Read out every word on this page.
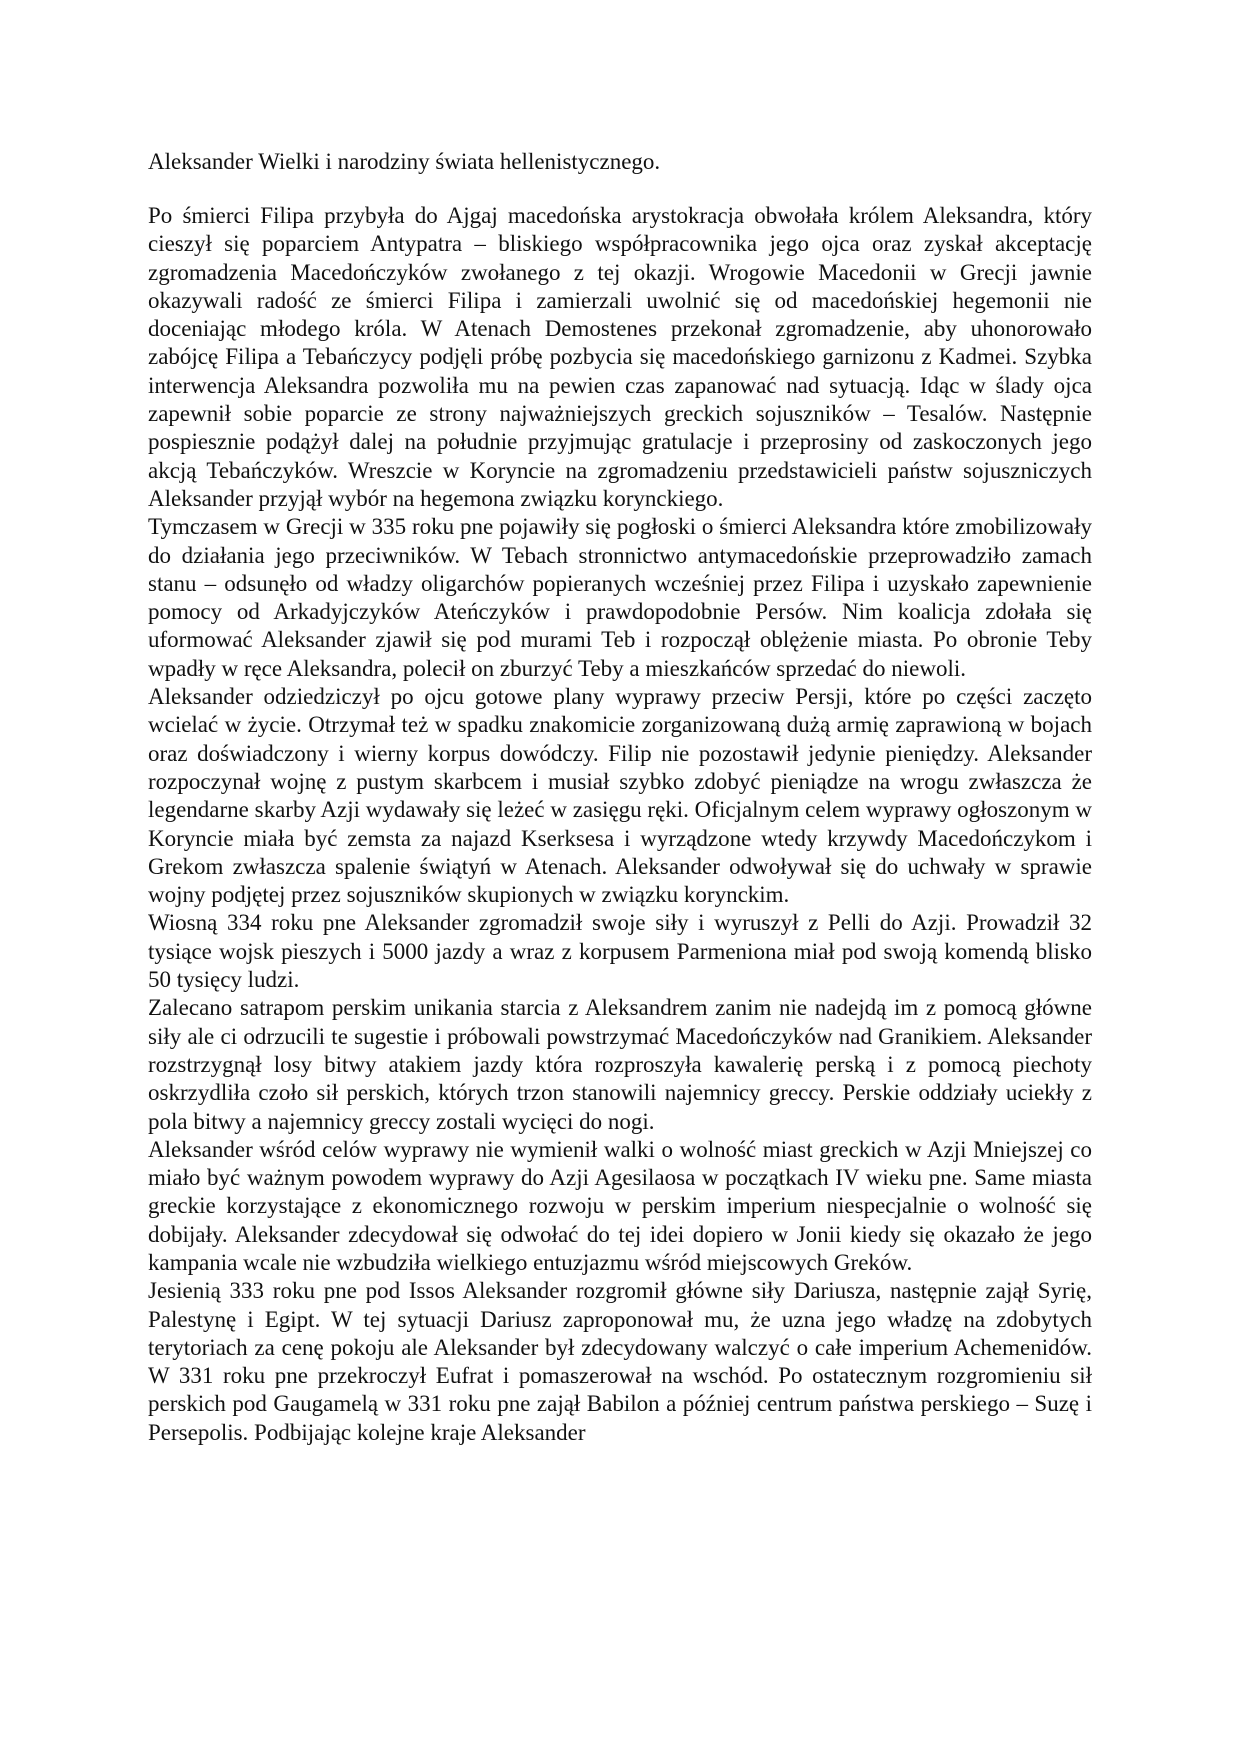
Aleksander Wielki i narodziny świata hellenistycznego.

Po śmierci Filipa przybyła do Ajgaj macedońska arystokracja obwołała królem Aleksandra, który cieszył się poparciem Antypatra – bliskiego współpracownika jego ojca oraz zyskał akceptację zgromadzenia Macedończyków zwołanego z tej okazji. Wrogowie Macedonii w Grecji jawnie okazywali radość ze śmierci Filipa i zamierzali uwolnić się od macedońskiej hegemonii nie doceniając młodego króla. W Atenach Demostenes przekonał zgromadzenie, aby uhonorowało zabójcę Filipa a Tebańczycy podjęli próbę pozbycia się macedońskiego garnizonu z Kadmei. Szybka interwencja Aleksandra pozwoliła mu na pewien czas zapanować nad sytuacją. Idąc w ślady ojca zapewnił sobie poparcie ze strony najważniejszych greckich sojuszników – Tesalów. Następnie pospiesznie podążył dalej na południe przyjmując gratulacje i przeprosiny od zaskoczonych jego akcją Tebańczyków. Wreszcie w Koryncie na zgromadzeniu przedstawicieli państw sojuszniczych Aleksander przyjął wybór na hegemona związku korynckiego.

Tymczasem w Grecji w 335 roku pne pojawiły się pogłoski o śmierci Aleksandra które zmobilizowały do działania jego przeciwników. W Tebach stronnictwo antymacedońskie przeprowadziło zamach stanu – odsunęło od władzy oligarchów popieranych wcześniej przez Filipa i uzyskało zapewnienie pomocy od Arkadyjczyków Ateńczyków i prawdopodobnie Persów. Nim koalicja zdołała się uformować Aleksander zjawił się pod murami Teb i rozpoczął oblężenie miasta. Po obronie Teby wpadły w ręce Aleksandra, polecił on zburzyć Teby a mieszkańców sprzedać do niewoli.

Aleksander odziedziczył po ojcu gotowe plany wyprawy przeciw Persji, które po części zaczęto wcielać w życie. Otrzymał też w spadku znakomicie zorganizowaną dużą armię zaprawioną w bojach oraz doświadczony i wierny korpus dowódczy. Filip nie pozostawił jedynie pieniędzy. Aleksander rozpoczynał wojnę z pustym skarbcem i musiał szybko zdobyć pieniądze na wrogu zwłaszcza że legendarne skarby Azji wydawały się leżeć w zasięgu ręki. Oficjalnym celem wyprawy ogłoszonym w Koryncie miała być zemsta za najazd Kserksesa i wyrządzone wtedy krzywdy Macedończykom i Grekom zwłaszcza spalenie świątyń w Atenach. Aleksander odwoływał się do uchwały w sprawie wojny podjętej przez sojuszników skupionych w związku korynckim.

Wiosną 334 roku pne Aleksander zgromadził swoje siły i wyruszył z Pelli do Azji. Prowadził 32 tysiące wojsk pieszych i 5000 jazdy a wraz z korpusem Parmeniona miał pod swoją komendą blisko 50 tysięcy ludzi.

Zalecano satrapom perskim unikania starcia z Aleksandrem zanim nie nadejdą im z pomocą główne siły ale ci odrzucili te sugestie i próbowali powstrzymać Macedończyków nad Granikiem. Aleksander rozstrzygnął losy bitwy atakiem jazdy która rozproszyła kawalerię perską i z pomocą piechoty oskrzydliła czoło sił perskich, których trzon stanowili najemnicy greccy. Perskie oddziały uciekły z pola bitwy a najemnicy greccy zostali wycięci do nogi.

Aleksander wśród celów wyprawy nie wymienił walki o wolność miast greckich w Azji Mniejszej co miało być ważnym powodem wyprawy do Azji Agesilaosa w początkach IV wieku pne. Same miasta greckie korzystające z ekonomicznego rozwoju w perskim imperium niespecjalnie o wolność się dobijały. Aleksander zdecydował się odwołać do tej idei dopiero w Jonii kiedy się okazało że jego kampania wcale nie wzbudziła wielkiego entuzjazmu wśród miejscowych Greków.

Jesienią 333 roku pne pod Issos Aleksander rozgromił główne siły Dariusza, następnie zajął Syrię, Palestynę i Egipt. W tej sytuacji Dariusz zaproponował mu, że uzna jego władzę na zdobytych terytoriach za cenę pokoju ale Aleksander był zdecydowany walczyć o całe imperium Achemenidów. W 331 roku pne przekroczył Eufrat i pomaszerował na wschód. Po ostatecznym rozgromieniu sił perskich pod Gaugamelą w 331 roku pne zajął Babilon a później centrum państwa perskiego – Suzę i Persepolis. Podbijając kolejne kraje Aleksander
